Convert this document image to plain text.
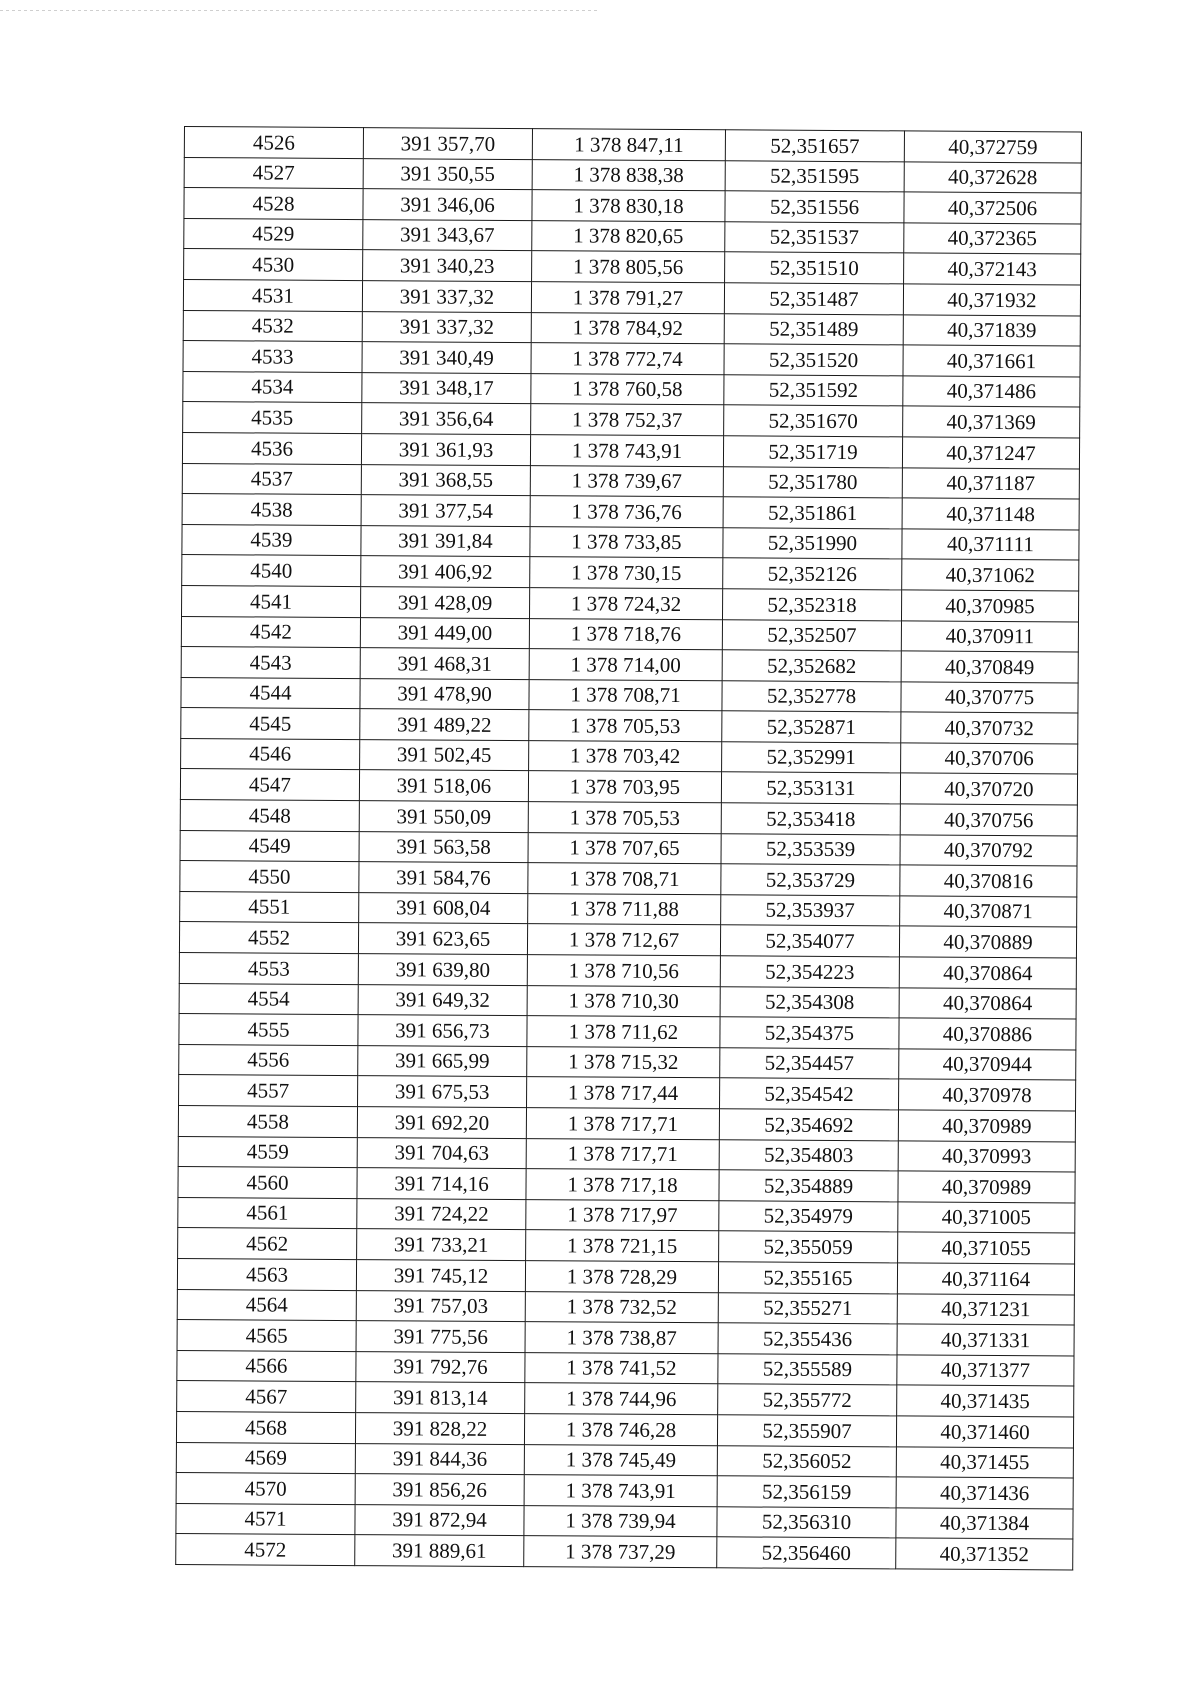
4526	391 357,70	1 378 847,11	52,351657	40,372759
4527	391 350,55	1 378 838,38	52,351595	40,372628
4528	391 346,06	1 378 830,18	52,351556	40,372506
4529	391 343,67	1 378 820,65	52,351537	40,372365
4530	391 340,23	1 378 805,56	52,351510	40,372143
4531	391 337,32	1 378 791,27	52,351487	40,371932
4532	391 337,32	1 378 784,92	52,351489	40,371839
4533	391 340,49	1 378 772,74	52,351520	40,371661
4534	391 348,17	1 378 760,58	52,351592	40,371486
4535	391 356,64	1 378 752,37	52,351670	40,371369
4536	391 361,93	1 378 743,91	52,351719	40,371247
4537	391 368,55	1 378 739,67	52,351780	40,371187
4538	391 377,54	1 378 736,76	52,351861	40,371148
4539	391 391,84	1 378 733,85	52,351990	40,371111
4540	391 406,92	1 378 730,15	52,352126	40,371062
4541	391 428,09	1 378 724,32	52,352318	40,370985
4542	391 449,00	1 378 718,76	52,352507	40,370911
4543	391 468,31	1 378 714,00	52,352682	40,370849
4544	391 478,90	1 378 708,71	52,352778	40,370775
4545	391 489,22	1 378 705,53	52,352871	40,370732
4546	391 502,45	1 378 703,42	52,352991	40,370706
4547	391 518,06	1 378 703,95	52,353131	40,370720
4548	391 550,09	1 378 705,53	52,353418	40,370756
4549	391 563,58	1 378 707,65	52,353539	40,370792
4550	391 584,76	1 378 708,71	52,353729	40,370816
4551	391 608,04	1 378 711,88	52,353937	40,370871
4552	391 623,65	1 378 712,67	52,354077	40,370889
4553	391 639,80	1 378 710,56	52,354223	40,370864
4554	391 649,32	1 378 710,30	52,354308	40,370864
4555	391 656,73	1 378 711,62	52,354375	40,370886
4556	391 665,99	1 378 715,32	52,354457	40,370944
4557	391 675,53	1 378 717,44	52,354542	40,370978
4558	391 692,20	1 378 717,71	52,354692	40,370989
4559	391 704,63	1 378 717,71	52,354803	40,370993
4560	391 714,16	1 378 717,18	52,354889	40,370989
4561	391 724,22	1 378 717,97	52,354979	40,371005
4562	391 733,21	1 378 721,15	52,355059	40,371055
4563	391 745,12	1 378 728,29	52,355165	40,371164
4564	391 757,03	1 378 732,52	52,355271	40,371231
4565	391 775,56	1 378 738,87	52,355436	40,371331
4566	391 792,76	1 378 741,52	52,355589	40,371377
4567	391 813,14	1 378 744,96	52,355772	40,371435
4568	391 828,22	1 378 746,28	52,355907	40,371460
4569	391 844,36	1 378 745,49	52,356052	40,371455
4570	391 856,26	1 378 743,91	52,356159	40,371436
4571	391 872,94	1 378 739,94	52,356310	40,371384
4572	391 889,61	1 378 737,29	52,356460	40,371352
